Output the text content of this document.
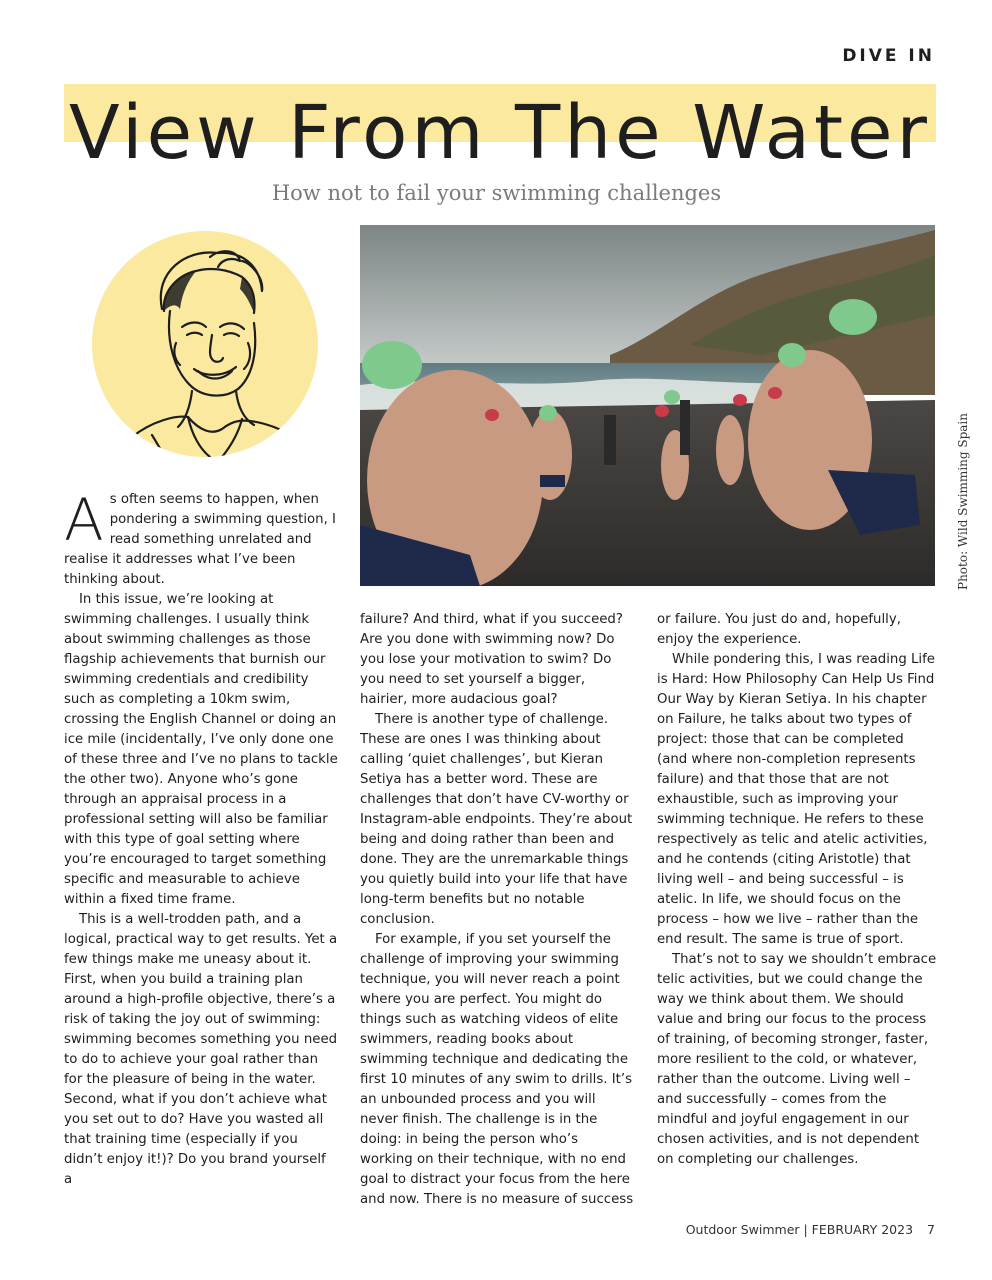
DIVE IN
View From The Water

How not to fail your swimming challenges

Photo: Wild Swimming Spain

As often seems to happen, when pondering a swimming question, I read something unrelated and realise it addresses what I’ve been thinking about.

In this issue, we’re looking at swimming challenges. I usually think about swimming challenges as those flagship achievements that burnish our swimming credentials and credibility such as completing a 10km swim, crossing the English Channel or doing an ice mile (incidentally, I’ve only done one of these three and I’ve no plans to tackle the other two). Anyone who’s gone through an appraisal process in a professional setting will also be familiar with this type of goal setting where you’re encouraged to target something specific and measurable to achieve within a fixed time frame.

This is a well-trodden path, and a logical, practical way to get results. Yet a few things make me uneasy about it. First, when you build a training plan around a high-profile objective, there’s a risk of taking the joy out of swimming: swimming becomes something you need to do to achieve your goal rather than for the pleasure of being in the water. Second, what if you don’t achieve what you set out to do? Have you wasted all that training time (especially if you didn’t enjoy it!)? Do you brand yourself a

failure? And third, what if you succeed? Are you done with swimming now? Do you lose your motivation to swim? Do you need to set yourself a bigger, hairier, more audacious goal?

There is another type of challenge. These are ones I was thinking about calling ‘quiet challenges’, but Kieran Setiya has a better word. These are challenges that don’t have CV-worthy or Instagram-able endpoints. They’re about being and doing rather than been and done. They are the unremarkable things you quietly build into your life that have long-term benefits but no notable conclusion.

For example, if you set yourself the challenge of improving your swimming technique, you will never reach a point where you are perfect. You might do things such as watching videos of elite swimmers, reading books about swimming technique and dedicating the first 10 minutes of any swim to drills. It’s an unbounded process and you will never finish. The challenge is in the doing: in being the person who’s working on their technique, with no end goal to distract your focus from the here and now. There is no measure of success

or failure. You just do and, hopefully, enjoy the experience.

While pondering this, I was reading Life is Hard: How Philosophy Can Help Us Find Our Way by Kieran Setiya. In his chapter on Failure, he talks about two types of project: those that can be completed (and where non-completion represents failure) and that those that are not exhaustible, such as improving your swimming technique. He refers to these respectively as telic and atelic activities, and he contends (citing Aristotle) that living well – and being successful – is atelic. In life, we should focus on the process – how we live – rather than the end result. The same is true of sport.

That’s not to say we shouldn’t embrace telic activities, but we could change the way we think about them. We should value and bring our focus to the process of training, of becoming stronger, faster, more resilient to the cold, or whatever, rather than the outcome. Living well – and successfully – comes from the mindful and joyful engagement in our chosen activities, and is not dependent on completing our challenges.

Outdoor Swimmer | FEBRUARY 2023 7
